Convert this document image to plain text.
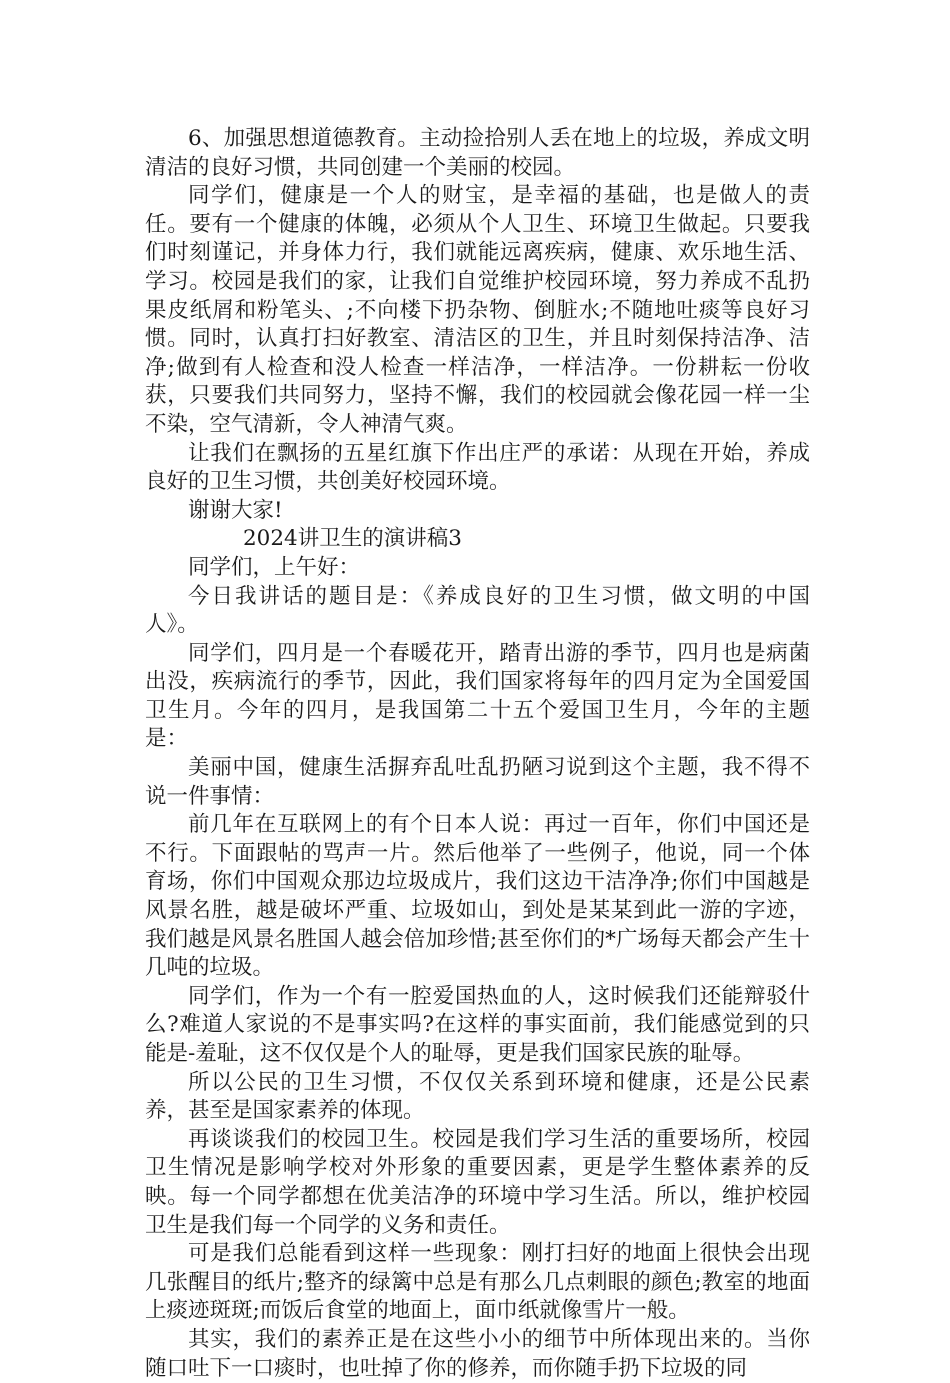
6、加强思想道德教育。主动捡拾别人丢在地上的垃圾，养成文明清洁的良好习惯，共同创建一个美丽的校园。

同学们，健康是一个人的财宝，是幸福的基础，也是做人的责任。要有一个健康的体魄，必须从个人卫生、环境卫生做起。只要我们时刻谨记，并身体力行，我们就能远离疾病，健康、欢乐地生活、学习。校园是我们的家，让我们自觉维护校园环境，努力养成不乱扔果皮纸屑和粉笔头、;不向楼下扔杂物、倒脏水;不随地吐痰等良好习惯。同时，认真打扫好教室、清洁区的卫生，并且时刻保持洁净、洁净;做到有人检查和没人检查一样洁净，一样洁净。一份耕耘一份收获，只要我们共同努力，坚持不懈，我们的校园就会像花园一样一尘不染，空气清新，令人神清气爽。

让我们在飘扬的五星红旗下作出庄严的承诺：从现在开始，养成良好的卫生习惯，共创美好校园环境。

谢谢大家!

2024讲卫生的演讲稿3

同学们，上午好：

今日我讲话的题目是：《养成良好的卫生习惯，做文明的中国人》。

同学们，四月是一个春暖花开，踏青出游的季节，四月也是病菌出没，疾病流行的季节，因此，我们国家将每年的四月定为全国爱国卫生月。今年的四月，是我国第二十五个爱国卫生月，今年的主题是：

美丽中国，健康生活摒弃乱吐乱扔陋习说到这个主题，我不得不说一件事情：

前几年在互联网上的有个日本人说：再过一百年，你们中国还是不行。下面跟帖的骂声一片。然后他举了一些例子，他说，同一个体育场，你们中国观众那边垃圾成片，我们这边干洁净净;你们中国越是风景名胜，越是破坏严重、垃圾如山，到处是某某到此一游的字迹，我们越是风景名胜国人越会倍加珍惜;甚至你们的*广场每天都会产生十几吨的垃圾。

同学们，作为一个有一腔爱国热血的人，这时候我们还能辩驳什么?难道人家说的不是事实吗?在这样的事实面前，我们能感觉到的只能是-羞耻，这不仅仅是个人的耻辱，更是我们国家民族的耻辱。

所以公民的卫生习惯，不仅仅关系到环境和健康，还是公民素养，甚至是国家素养的体现。

再谈谈我们的校园卫生。校园是我们学习生活的重要场所，校园卫生情况是影响学校对外形象的重要因素，更是学生整体素养的反映。每一个同学都想在优美洁净的环境中学习生活。所以，维护校园卫生是我们每一个同学的义务和责任。

可是我们总能看到这样一些现象：刚打扫好的地面上很快会出现几张醒目的纸片;整齐的绿篱中总是有那么几点刺眼的颜色;教室的地面上痰迹斑斑;而饭后食堂的地面上，面巾纸就像雪片一般。

其实，我们的素养正是在这些小小的细节中所体现出来的。当你随口吐下一口痰时，也吐掉了你的修养，而你随手扔下垃圾的同
